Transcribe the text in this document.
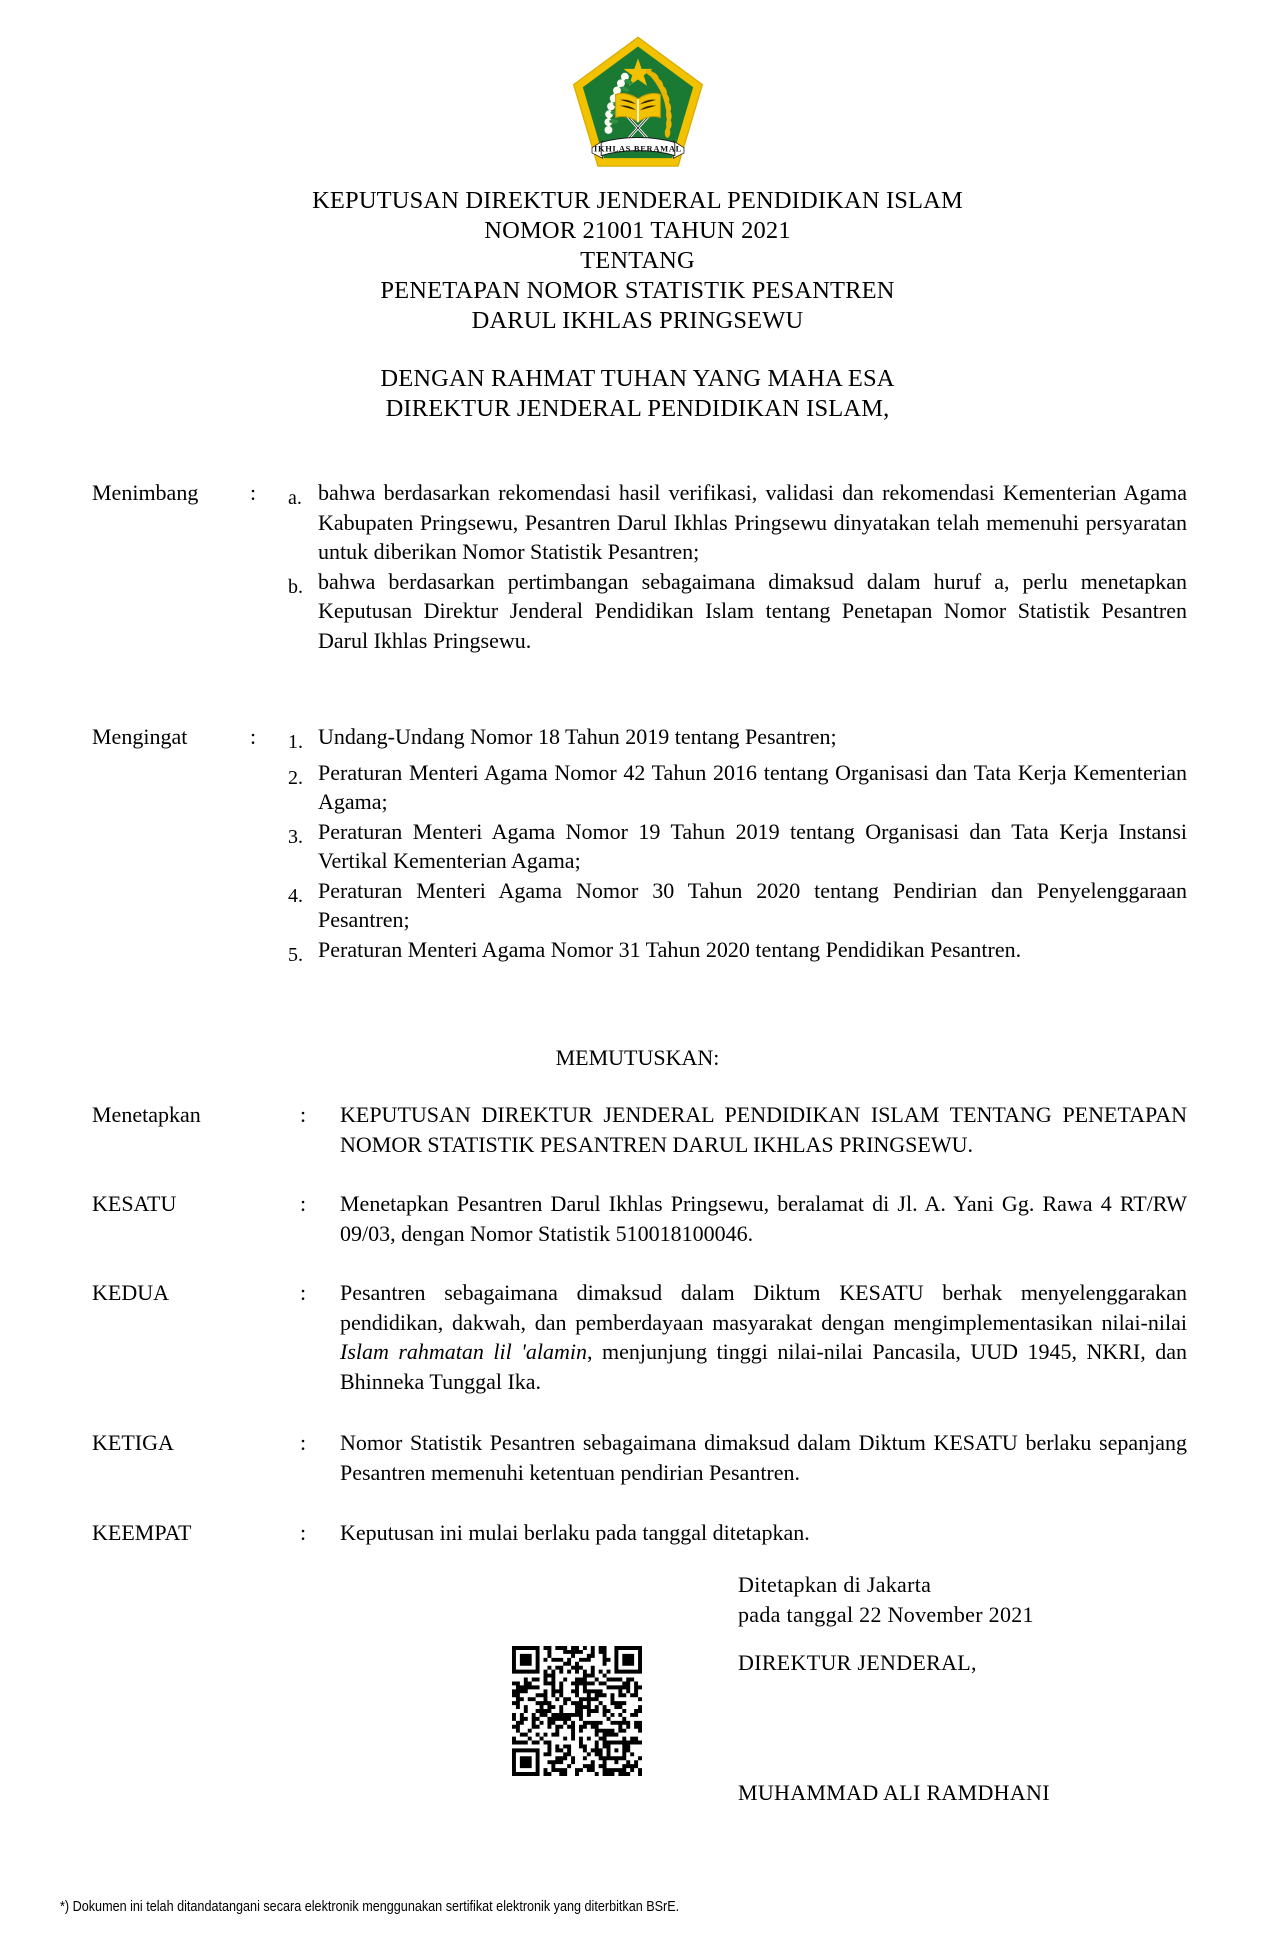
IKHLAS BERAMAL
KEPUTUSAN DIREKTUR JENDERAL PENDIDIKAN ISLAM
NOMOR 21001 TAHUN 2021
TENTANG
PENETAPAN NOMOR STATISTIK PESANTREN
DARUL IKHLAS PRINGSEWU
DENGAN RAHMAT TUHAN YANG MAHA ESA
DIREKTUR JENDERAL PENDIDIKAN ISLAM,
Menimbang	:	a. bahwa berdasarkan rekomendasi hasil verifikasi, validasi dan rekomendasi Kementerian Agama Kabupaten Pringsewu, Pesantren Darul Ikhlas Pringsewu dinyatakan telah memenuhi persyaratan untuk diberikan Nomor Statistik Pesantren;
b. bahwa berdasarkan pertimbangan sebagaimana dimaksud dalam huruf a, perlu menetapkan Keputusan Direktur Jenderal Pendidikan Islam tentang Penetapan Nomor Statistik Pesantren Darul Ikhlas Pringsewu.
Mengingat	:	1. Undang-Undang Nomor 18 Tahun 2019 tentang Pesantren;
2. Peraturan Menteri Agama Nomor 42 Tahun 2016 tentang Organisasi dan Tata Kerja Kementerian Agama;
3. Peraturan Menteri Agama Nomor 19 Tahun 2019 tentang Organisasi dan Tata Kerja Instansi Vertikal Kementerian Agama;
4. Peraturan Menteri Agama Nomor 30 Tahun 2020 tentang Pendirian dan Penyelenggaraan Pesantren;
5. Peraturan Menteri Agama Nomor 31 Tahun 2020 tentang Pendidikan Pesantren.
MEMUTUSKAN:
Menetapkan	:	KEPUTUSAN DIREKTUR JENDERAL PENDIDIKAN ISLAM TENTANG PENETAPAN NOMOR STATISTIK PESANTREN DARUL IKHLAS PRINGSEWU.
KESATU	:	Menetapkan Pesantren Darul Ikhlas Pringsewu, beralamat di Jl. A. Yani Gg. Rawa 4 RT/RW 09/03, dengan Nomor Statistik 510018100046.
KEDUA	:	Pesantren sebagaimana dimaksud dalam Diktum KESATU berhak menyelenggarakan pendidikan, dakwah, dan pemberdayaan masyarakat dengan mengimplementasikan nilai-nilai Islam rahmatan lil 'alamin, menjunjung tinggi nilai-nilai Pancasila, UUD 1945, NKRI, dan Bhinneka Tunggal Ika.
KETIGA	:	Nomor Statistik Pesantren sebagaimana dimaksud dalam Diktum KESATU berlaku sepanjang Pesantren memenuhi ketentuan pendirian Pesantren.
KEEMPAT	:	Keputusan ini mulai berlaku pada tanggal ditetapkan.
Ditetapkan di Jakarta
pada tanggal 22 November 2021
DIREKTUR JENDERAL,
MUHAMMAD ALI RAMDHANI
*) Dokumen ini telah ditandatangani secara elektronik menggunakan sertifikat elektronik yang diterbitkan BSrE.
